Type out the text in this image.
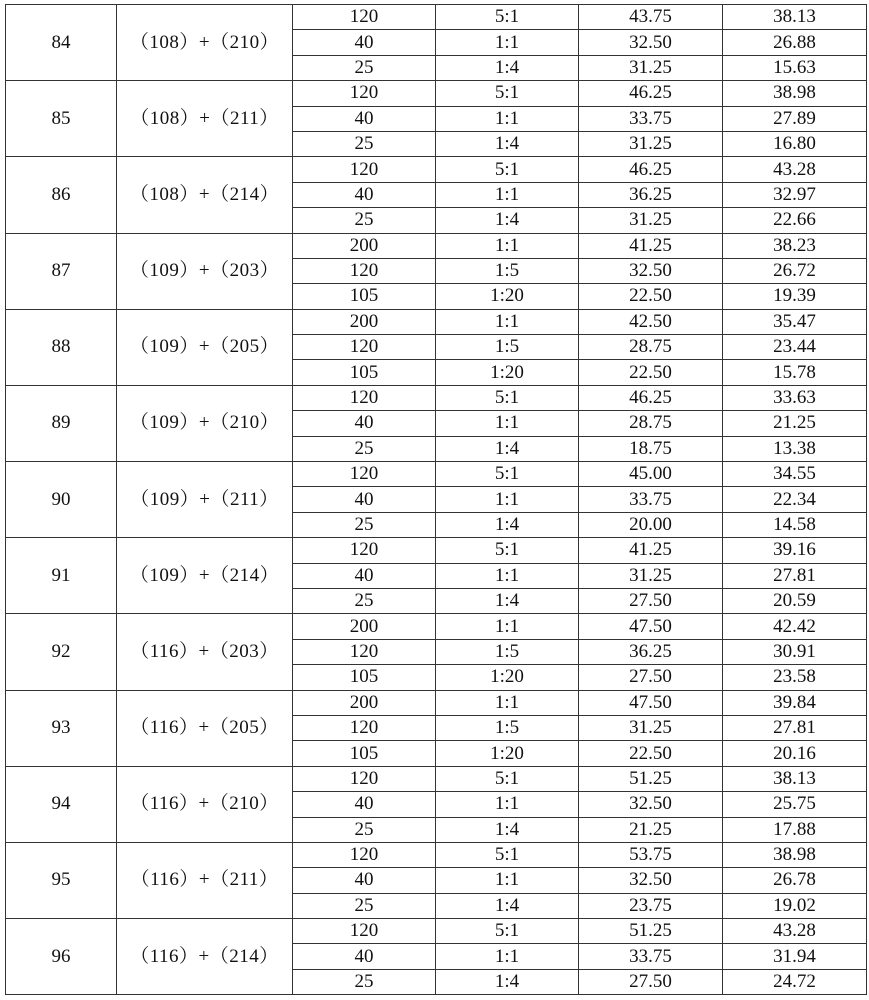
84	（108）+（210）	120	5:1	43.75	38.13
		40	1:1	32.50	26.88
		25	1:4	31.25	15.63
85	（108）+（211）	120	5:1	46.25	38.98
		40	1:1	33.75	27.89
		25	1:4	31.25	16.80
86	（108）+（214）	120	5:1	46.25	43.28
		40	1:1	36.25	32.97
		25	1:4	31.25	22.66
87	（109）+（203）	200	1:1	41.25	38.23
		120	1:5	32.50	26.72
		105	1:20	22.50	19.39
88	（109）+（205）	200	1:1	42.50	35.47
		120	1:5	28.75	23.44
		105	1:20	22.50	15.78
89	（109）+（210）	120	5:1	46.25	33.63
		40	1:1	28.75	21.25
		25	1:4	18.75	13.38
90	（109）+（211）	120	5:1	45.00	34.55
		40	1:1	33.75	22.34
		25	1:4	20.00	14.58
91	（109）+（214）	120	5:1	41.25	39.16
		40	1:1	31.25	27.81
		25	1:4	27.50	20.59
92	（116）+（203）	200	1:1	47.50	42.42
		120	1:5	36.25	30.91
		105	1:20	27.50	23.58
93	（116）+（205）	200	1:1	47.50	39.84
		120	1:5	31.25	27.81
		105	1:20	22.50	20.16
94	（116）+（210）	120	5:1	51.25	38.13
		40	1:1	32.50	25.75
		25	1:4	21.25	17.88
95	（116）+（211）	120	5:1	53.75	38.98
		40	1:1	32.50	26.78
		25	1:4	23.75	19.02
96	（116）+（214）	120	5:1	51.25	43.28
		40	1:1	33.75	31.94
		25	1:4	27.50	24.72
